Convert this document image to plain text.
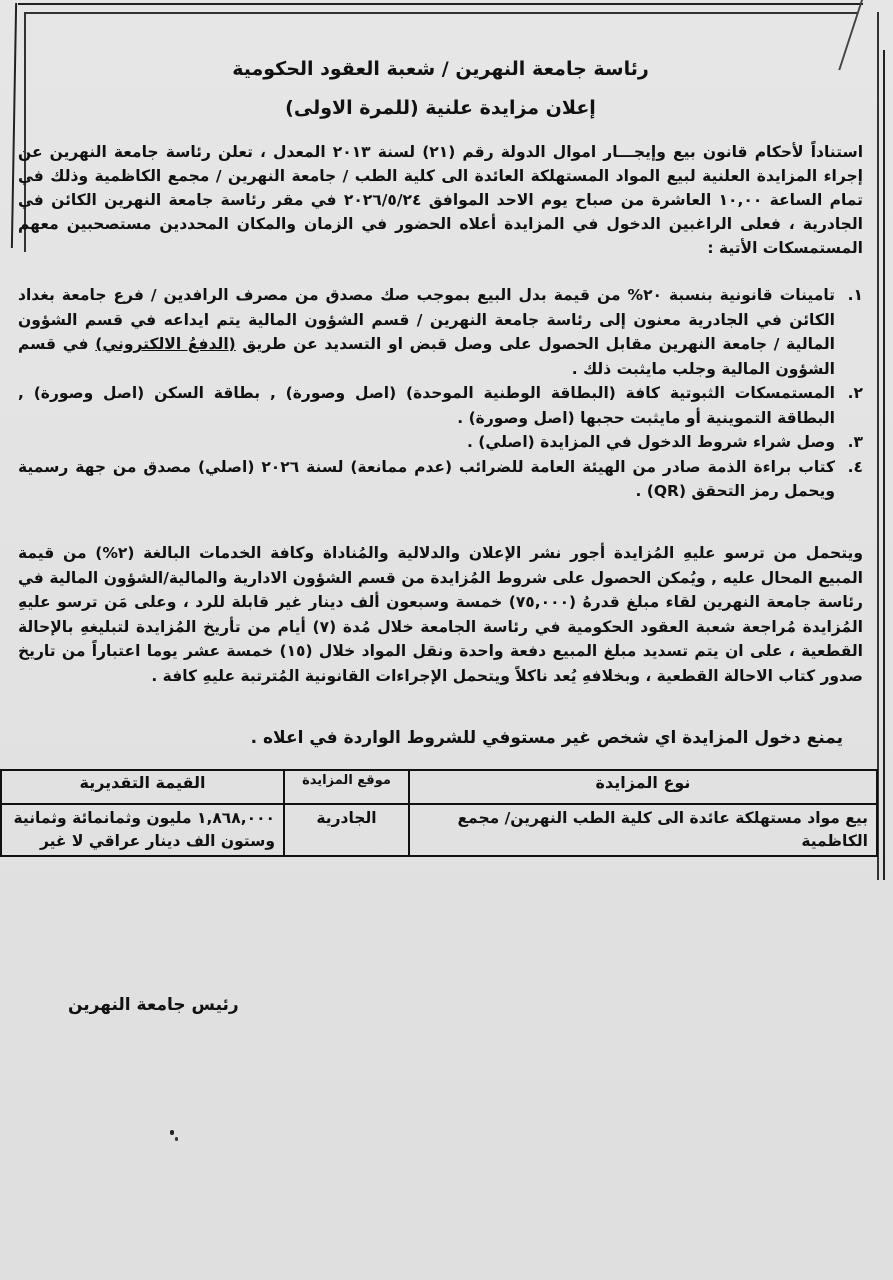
رئاسة جامعة النهرين / شعبة العقود الحكومية
إعلان مزايدة علنية (للمرة الاولى)
استناداً لأحكام قانون بيع وإيجـــار اموال الدولة رقم (٢١) لسنة ٢٠١٣ المعدل ، تعلن رئاسة جامعة النهرين عن إجراء المزايدة العلنية لبيع المواد المستهلكة العائدة الى كلية الطب / جامعة النهرين / مجمع الكاظمية وذلك في تمام الساعة ١٠,٠٠ العاشرة من صباح يوم الاحد الموافق ٢٠٢٦/٥/٢٤ في مقر رئاسة جامعة النهرين الكائن في الجادرية ، فعلى الراغبين الدخول في المزايدة أعلاه الحضور في الزمان والمكان المحددين مستصحبين معهم المستمسكات الأتية :
١.
تامينات قانونية بنسبة ٢٠% من قيمة بدل البيع بموجب صك مصدق من مصرف الرافدين / فرع جامعة بغداد الكائن في الجادرية معنون إلى رئاسة جامعة النهرين / قسم الشؤون المالية يتم ايداعه في قسم الشؤون المالية / جامعة النهرين مقابل الحصول على وصل قبض او التسديد عن طريق (الدفعُ الالكتروني) في قسم الشؤون المالية وجلب مايثبت ذلك .
٢.
المستمسكات الثبوتية كافة (البطاقة الوطنية الموحدة) (اصل وصورة) , بطاقة السكن (اصل وصورة) , البطاقة التموينية أو مايثبت حجبها (اصل وصورة) .
٣.
وصل شراء شروط الدخول في المزايدة (اصلي) .
٤.
كتاب براءة الذمة صادر من الهيئة العامة للضرائب (عدم ممانعة) لسنة ٢٠٢٦ (اصلي) مصدق من جهة رسمية ويحمل رمز التحقق (QR) .
ويتحمل من ترسو عليهِ المُزايدة أجور نشر الإعلان والدلالية والمُناداة وكافة الخدمات البالغة (٢%) من قيمة المبيع المحال عليه , ويُمكن الحصول على شروط المُزايدة من قسم الشؤون الادارية والمالية/الشؤون المالية في رئاسة جامعة النهرين لقاء مبلغ قدرهُ (٧٥,٠٠٠) خمسة وسبعون ألف دينار غير قابلة للرد ، وعلى مَن ترسو عليهِ المُزايدة مُراجعة شعبة العقود الحكومية في رئاسة الجامعة خلال مُدة (٧) أيام من تأريخ المُزايدة لتبليغهِ بالإحالة القطعية ، على ان يتم تسديد مبلغ المبيع دفعة واحدة ونقل المواد خلال (١٥) خمسة عشر يوما اعتباراً من تاريخ صدور كتاب الاحالة القطعية ، وبخلافهِ يُعد ناكلاً ويتحمل الإجراءات القانونية المُترتبة عليهِ كافة .
يمنع دخول المزايدة اي شخص غير مستوفي للشروط الواردة في اعلاه .
نوع المزايدة	موقع المزايدة	القيمة التقديرية
بيع مواد مستهلكة عائدة الى كلية الطب النهرين/ مجمع الكاظمية	الجادرية	١,٨٦٨,٠٠٠ مليون وثمانمائة وثمانية وستون الف دينار عراقي لا غير
رئيس جامعة النهرين
